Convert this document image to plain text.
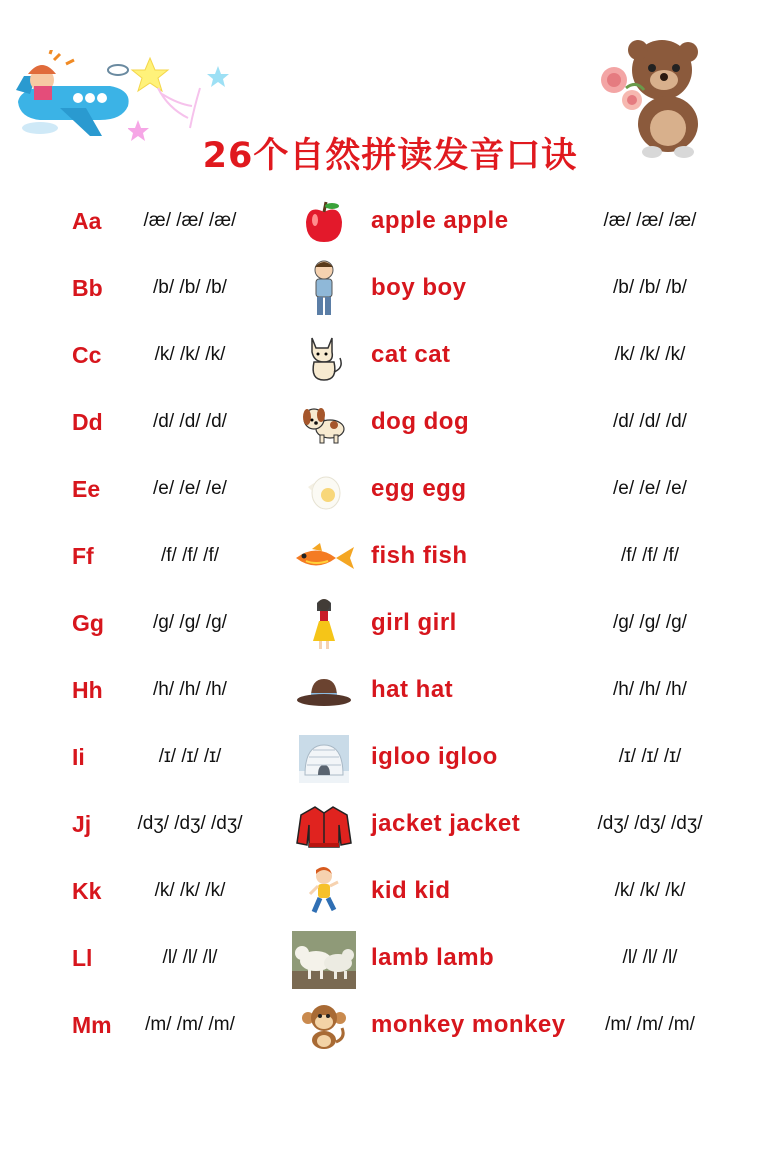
26个自然拼读发音口诀
Aa	/æ/ /æ/ /æ/	apple apple	/æ/ /æ/ /æ/
Bb	/b/ /b/ /b/	boy boy	/b/ /b/ /b/
Cc	/k/ /k/ /k/	cat cat	/k/ /k/ /k/
Dd	/d/ /d/ /d/	dog dog	/d/ /d/ /d/
Ee	/e/ /e/ /e/	egg egg	/e/ /e/ /e/
Ff	/f/ /f/ /f/	fish fish	/f/ /f/ /f/
Gg	/g/ /g/ /g/	girl girl	/g/ /g/ /g/
Hh	/h/ /h/ /h/	hat hat	/h/ /h/ /h/
Ii	/ɪ/ /ɪ/ /ɪ/	igloo igloo	/ɪ/ /ɪ/ /ɪ/
Jj	/dʒ/ /dʒ/ /dʒ/	jacket jacket	/dʒ/ /dʒ/ /dʒ/
Kk	/k/ /k/ /k/	kid kid	/k/ /k/ /k/
Ll	/l/ /l/ /l/	lamb lamb	/l/ /l/ /l/
Mm	/m/ /m/ /m/	monkey monkey	/m/ /m/ /m/
